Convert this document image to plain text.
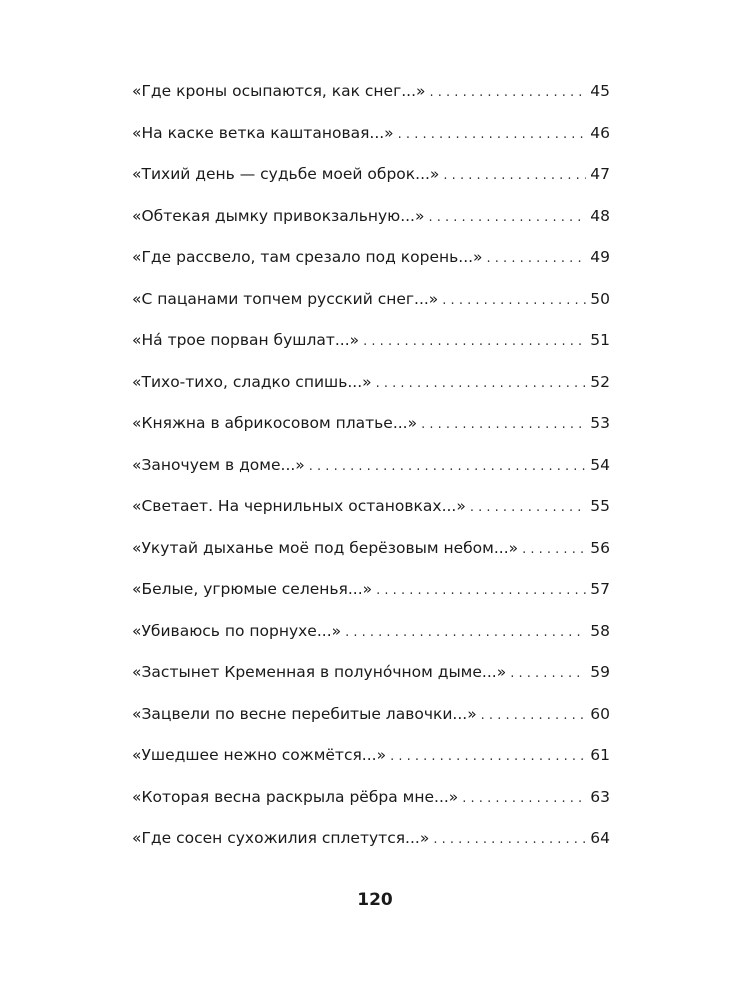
«Где кроны осыпаются, как снег...» . . .	45
«На каске ветка каштановая...» . . .	46
«Тихий день — судьбе моей оброк...» . . .	47
«Обтекая дымку привокзальную...» . . .	48
«Где рассвело, там срезало под корень...» . . .	49
«С пацанами топчем русский снег...» . . .	50
«На́ трое порван бушлат...» . . .	51
«Тихо-тихо, сладко спишь...» . . .	52
«Княжна в абрикосовом платье...» . . .	53
«Заночуем в доме...» . . .	54
«Светает. На чернильных остановках...» . . .	55
«Укутай дыханье моё под берёзовым небом...» . . .	56
«Белые, угрюмые селенья...» . . .	57
«Убиваюсь по порнухе...» . . .	58
«Застынет Кременная в полуно́чном дыме...» . . .	59
«Зацвели по весне перебитые лавочки...» . . .	60
«Ушедшее нежно сожмётся...» . . .	61
«Которая весна раскрыла рёбра мне...» . . .	63
«Где сосен сухожилия сплетутся...» . . .	64
120
